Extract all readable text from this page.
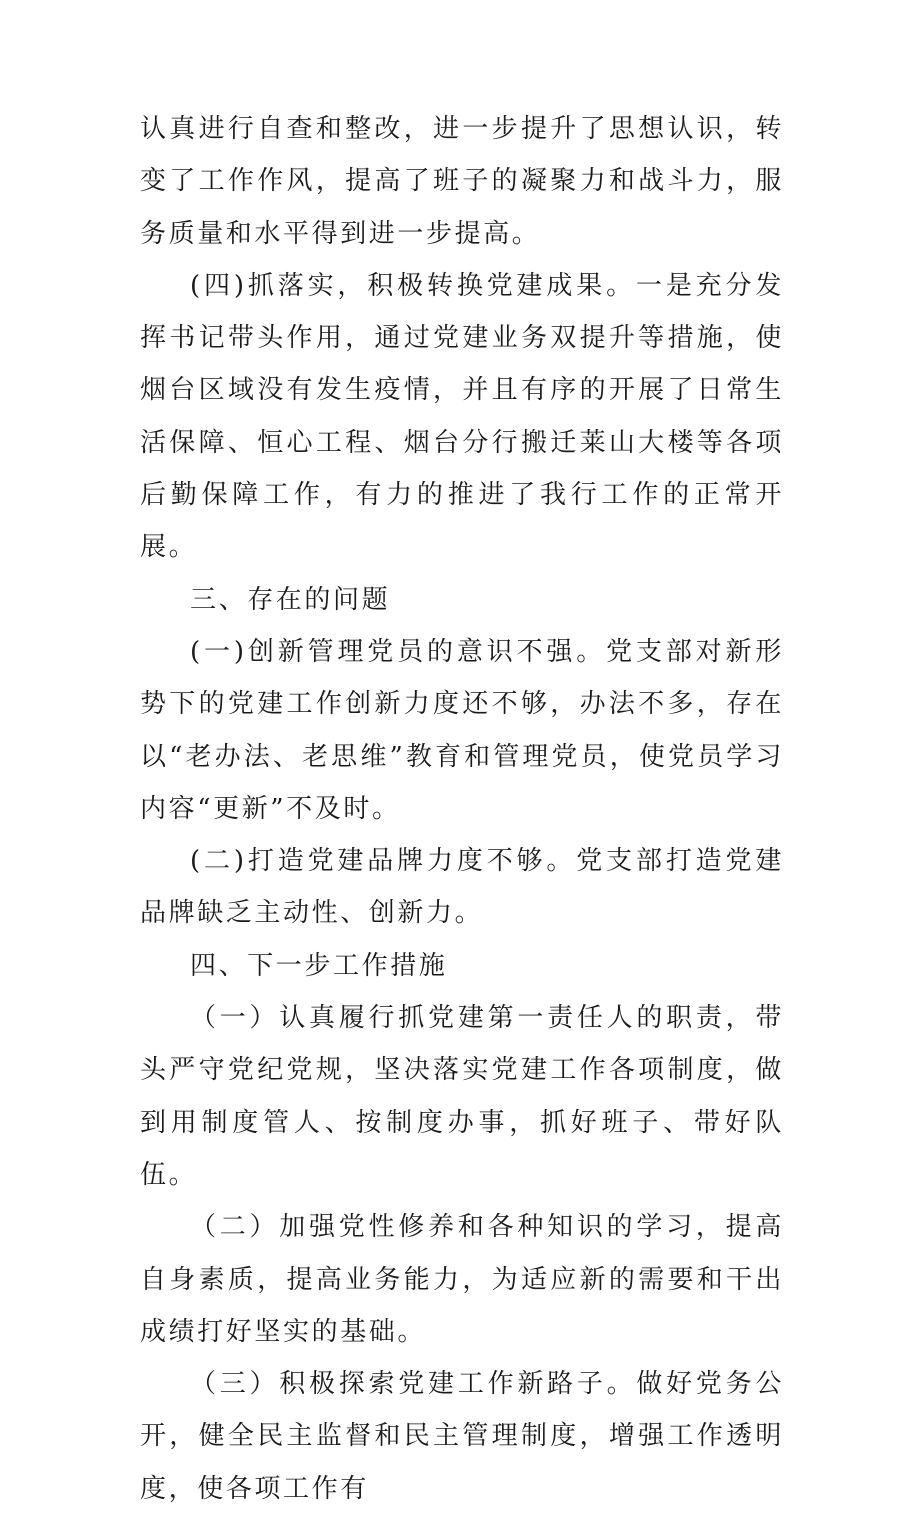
认真进行自查和整改，进一步提升了思想认识，转变了工作作风，提高了班子的凝聚力和战斗力，服务质量和水平得到进一步提高。

(四)抓落实，积极转换党建成果。一是充分发挥书记带头作用，通过党建业务双提升等措施，使烟台区域没有发生疫情，并且有序的开展了日常生活保障、恒心工程、烟台分行搬迁莱山大楼等各项后勤保障工作，有力的推进了我行工作的正常开展。

三、存在的问题

(一)创新管理党员的意识不强。党支部对新形势下的党建工作创新力度还不够，办法不多，存在以“老办法、老思维”教育和管理党员，使党员学习内容“更新”不及时。

(二)打造党建品牌力度不够。党支部打造党建品牌缺乏主动性、创新力。

四、下一步工作措施

（一）认真履行抓党建第一责任人的职责，带头严守党纪党规，坚决落实党建工作各项制度，做到用制度管人、按制度办事，抓好班子、带好队伍。

（二）加强党性修养和各种知识的学习，提高自身素质，提高业务能力，为适应新的需要和干出成绩打好坚实的基础。

（三）积极探索党建工作新路子。做好党务公开，健全民主监督和民主管理制度，增强工作透明度，使各项工作有
